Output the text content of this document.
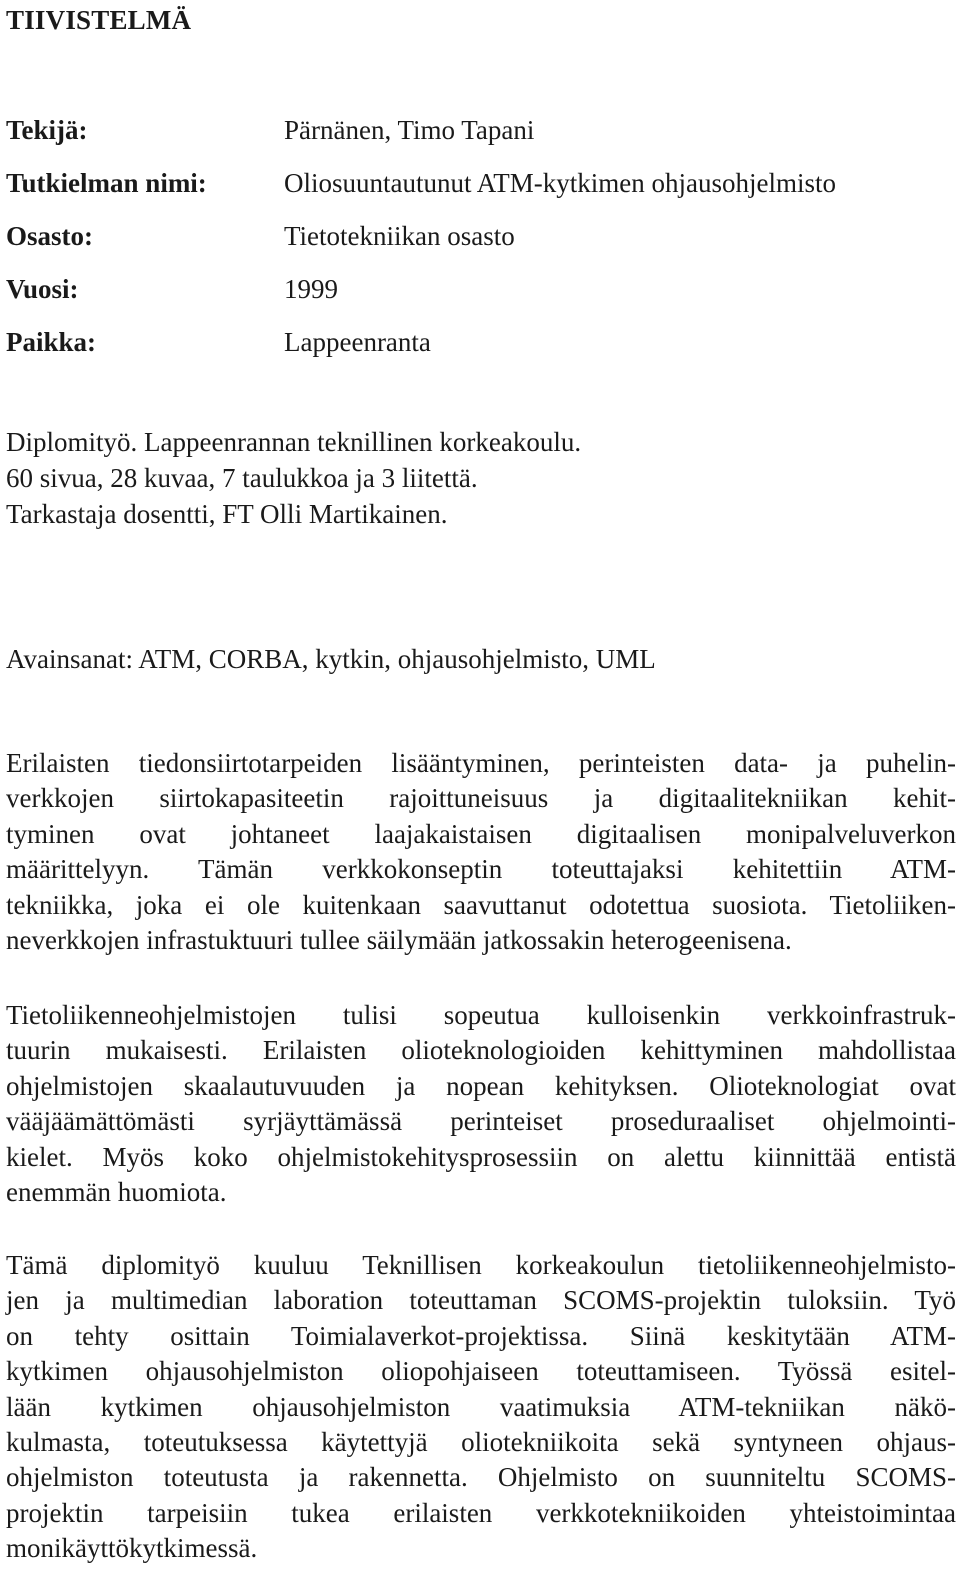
TIIVISTELMÄ
Tekijä:	Pärnänen, Timo Tapani
Tutkielman nimi:	Oliosuuntautunut ATM-kytkimen ohjausohjelmisto
Osasto:	Tietotekniikan osasto
Vuosi:	1999
Paikka:	Lappeenranta
Diplomityö. Lappeenrannan teknillinen korkeakoulu.
60 sivua, 28 kuvaa, 7 taulukkoa ja 3 liitettä.
Tarkastaja dosentti, FT Olli Martikainen.
Avainsanat: ATM, CORBA, kytkin, ohjausohjelmisto, UML
Erilaisten tiedonsiirtotarpeiden lisääntyminen, perinteisten data- ja puhelin-
verkkojen siirtokapasiteetin rajoittuneisuus ja digitaalitekniikan kehit-
tyminen ovat johtaneet laajakaistaisen digitaalisen monipalveluverkon
määrittelyyn. Tämän verkkokonseptin toteuttajaksi kehitettiin ATM-
tekniikka, joka ei ole kuitenkaan saavuttanut odotettua suosiota. Tietoliiken-
neverkkojen infrastuktuuri tullee säilymään jatkossakin heterogeenisena.
Tietoliikenneohjelmistojen tulisi sopeutua kulloisenkin verkkoinfrastruk-
tuurin mukaisesti. Erilaisten olioteknologioiden kehittyminen mahdollistaa
ohjelmistojen skaalautuvuuden ja nopean kehityksen. Olioteknologiat ovat
vääjäämättömästi syrjäyttämässä perinteiset proseduraaliset ohjelmointi-
kielet. Myös koko ohjelmistokehitysprosessiin on alettu kiinnittää entistä
enemmän huomiota.
Tämä diplomityö kuuluu Teknillisen korkeakoulun tietoliikenneohjelmisto-
jen ja multimedian laboration toteuttaman SCOMS-projektin tuloksiin. Työ
on tehty osittain Toimialaverkot-projektissa. Siinä keskitytään ATM-
kytkimen ohjausohjelmiston oliopohjaiseen toteuttamiseen. Työssä esitel-
lään kytkimen ohjausohjelmiston vaatimuksia ATM-tekniikan näkö-
kulmasta, toteutuksessa käytettyjä oliotekniikoita sekä syntyneen ohjaus-
ohjelmiston toteutusta ja rakennetta. Ohjelmisto on suunniteltu SCOMS-
projektin tarpeisiin tukea erilaisten verkkotekniikoiden yhteistoimintaa
monikäyttökytkimessä.
